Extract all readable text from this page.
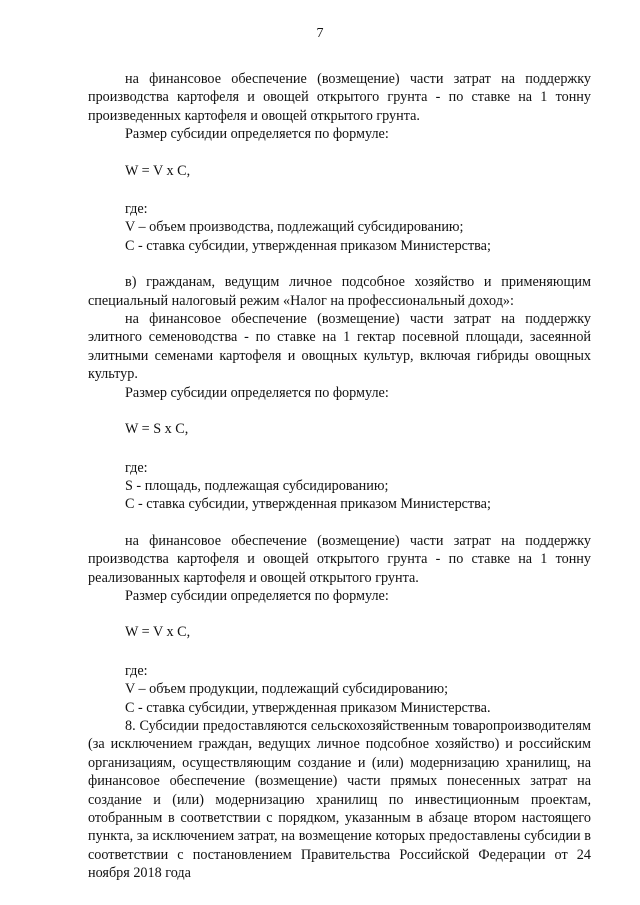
7

на финансовое обеспечение (возмещение) части затрат на поддержку производства картофеля и овощей открытого грунта - по ставке на 1 тонну произведенных картофеля и овощей открытого грунта.

Размер субсидии определяется по формуле:

W = V x C,

где:

V – объем производства, подлежащий субсидированию;

C - ставка субсидии, утвержденная приказом Министерства;

в) гражданам, ведущим личное подсобное хозяйство и применяющим специальный налоговый режим «Налог на профессиональный доход»:

на финансовое обеспечение (возмещение) части затрат на поддержку элитного семеноводства - по ставке на 1 гектар посевной площади, засеянной элитными семенами картофеля и овощных культур, включая гибриды овощных культур.

Размер субсидии определяется по формуле:

W = S x C,

где:

S - площадь, подлежащая субсидированию;

C - ставка субсидии, утвержденная приказом Министерства;

на финансовое обеспечение (возмещение) части затрат на поддержку производства картофеля и овощей открытого грунта - по ставке на 1 тонну реализованных картофеля и овощей открытого грунта.

Размер субсидии определяется по формуле:

W = V x C,

где:

V – объем продукции, подлежащий субсидированию;

C - ставка субсидии, утвержденная приказом Министерства.

8. Субсидии предоставляются сельскохозяйственным товаропроизводителям (за исключением граждан, ведущих личное подсобное хозяйство) и российским организациям, осуществляющим создание и (или) модернизацию хранилищ, на финансовое обеспечение (возмещение) части прямых понесенных затрат на создание и (или) модернизацию хранилищ по инвестиционным проектам, отобранным в соответствии с порядком, указанным в абзаце втором настоящего пункта, за исключением затрат, на возмещение которых предоставлены субсидии в соответствии с постановлением Правительства Российской Федерации от 24 ноября 2018 года
